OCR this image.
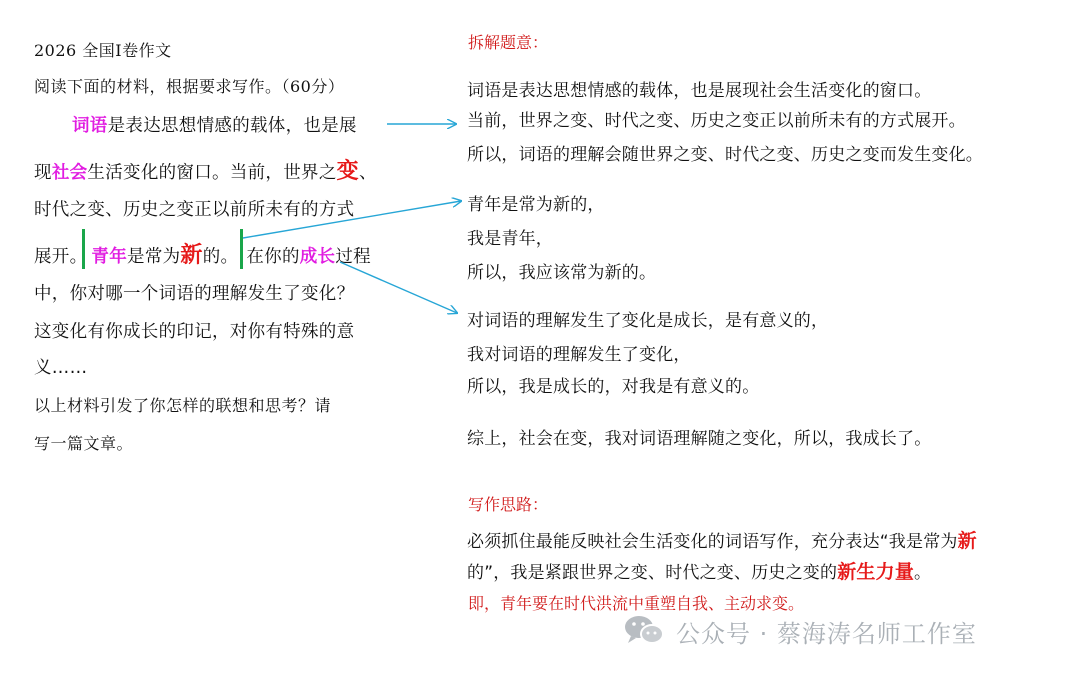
2026 全国I卷作文
阅读下面的材料，根据要求写作。（60分）
词语是表达思想情感的载体，也是展
现社会生活变化的窗口。当前，世界之变、
时代之变、历史之变正以前所未有的方式
展开。 青年是常为新的。 在你的成长过程
中，你对哪一个词语的理解发生了变化？
这变化有你成长的印记，对你有特殊的意
义……
以上材料引发了你怎样的联想和思考？请
写一篇文章。
拆解题意：
词语是表达思想情感的载体，也是展现社会生活变化的窗口。
当前，世界之变、时代之变、历史之变正以前所未有的方式展开。
所以，词语的理解会随世界之变、时代之变、历史之变而发生变化。
青年是常为新的，
我是青年，
所以，我应该常为新的。
对词语的理解发生了变化是成长，是有意义的，
我对词语的理解发生了变化，
所以，我是成长的，对我是有意义的。
综上，社会在变，我对词语理解随之变化，所以，我成长了。
写作思路：
必须抓住最能反映社会生活变化的词语写作，充分表达“我是常为新
的”，我是紧跟世界之变、时代之变、历史之变的新生力量。
即，青年要在时代洪流中重塑自我、主动求变。
公众号 · 蔡海涛名师工作室
